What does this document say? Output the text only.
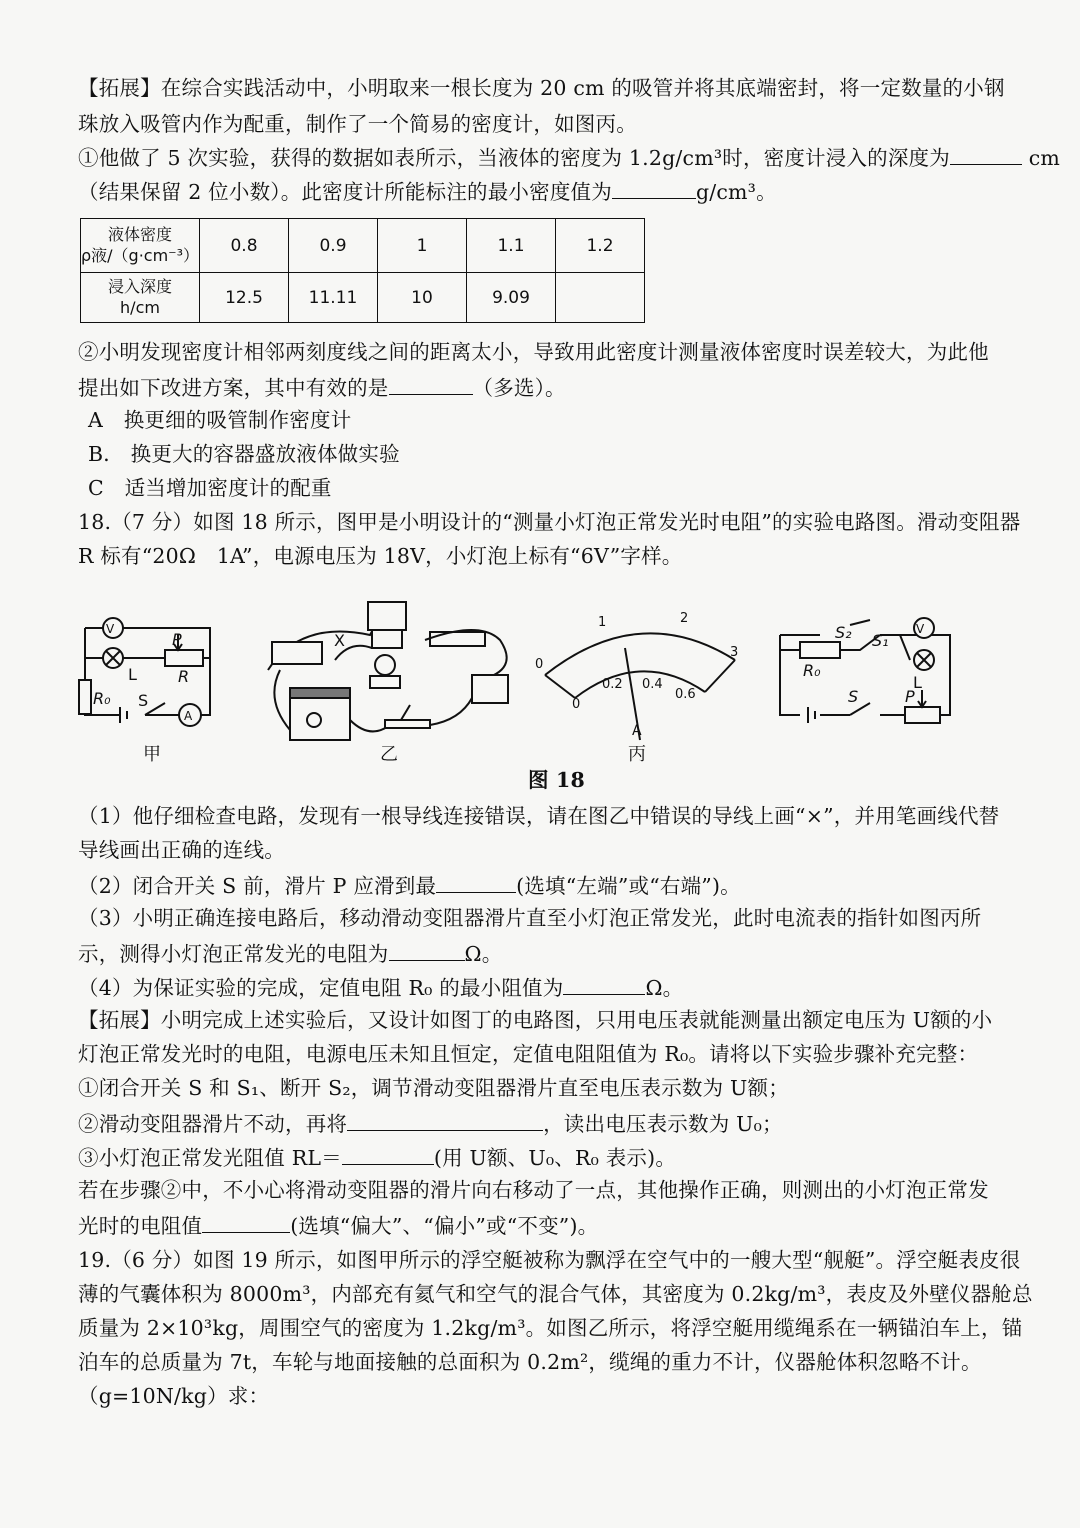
【拓展】在综合实践活动中，小明取来一根长度为 20 cm 的吸管并将其底端密封，将一定数量的小钢
珠放入吸管内作为配重，制作了一个简易的密度计，如图丙。
①他做了 5 次实验，获得的数据如表所示，当液体的密度为 1.2g/cm³时，密度计浸入的深度为	cm
（结果保留 2 位小数）。此密度计所能标注的最小密度值为	g/cm³。
液体密度
ρ液/（g·cm⁻³）	0.8	0.9	1	1.1	1.2

浸入深度
h/cm	12.5	11.11	10	9.09	
②小明发现密度计相邻两刻度线之间的距离太小，导致用此密度计测量液体密度时误差较大，为此他
提出如下改进方案，其中有效的是	（多选）。
A　换更细的吸管制作密度计
B． 换更大的容器盛放液体做实验
C　适当增加密度计的配重
18.（7 分）如图 18 所示，图甲是小明设计的“测量小灯泡正常发光时电阻”的实验电路图。滑动变阻器
R 标有“20Ω　1A”，电源电压为 18V，小灯泡上标有“6V”字样。
V
A
P
L	R
R₀ S
甲
X
乙
0
0
0.2 0.4
0.6
1	2
3
A
丙
V
S₂ S₁
L
R₀
S	P
图 18
（1）他仔细检查电路，发现有一根导线连接错误，请在图乙中错误的导线上画“×”，并用笔画线代替
导线画出正确的连线。
（2）闭合开关 S 前，滑片 P 应滑到最	(选填“左端”或“右端”)。
（3）小明正确连接电路后，移动滑动变阻器滑片直至小灯泡正常发光，此时电流表的指针如图丙所
示，测得小灯泡正常发光的电阻为	Ω。
（4）为保证实验的完成，定值电阻 R₀ 的最小阻值为	Ω。
【拓展】小明完成上述实验后，又设计如图丁的电路图，只用电压表就能测量出额定电压为 U额的小
灯泡正常发光时的电阻，电源电压未知且恒定，定值电阻阻值为 R₀。请将以下实验步骤补充完整：
①闭合开关 S 和 S₁、断开 S₂，调节滑动变阻器滑片直至电压表示数为 U额；
②滑动变阻器滑片不动，再将	，读出电压表示数为 U₀；
③小灯泡正常发光阻值 RL＝	(用 U额、U₀、R₀ 表示)。
若在步骤②中，不小心将滑动变阻器的滑片向右移动了一点，其他操作正确，则测出的小灯泡正常发
光时的电阻值	(选填“偏大”、“偏小”或“不变”)。
19.（6 分）如图 19 所示，如图甲所示的浮空艇被称为飘浮在空气中的一艘大型“舰艇”。浮空艇表皮很
薄的气囊体积为 8000m³，内部充有氦气和空气的混合气体，其密度为 0.2kg/m³，表皮及外壁仪器舱总
质量为 2×10³kg，周围空气的密度为 1.2kg/m³。如图乙所示，将浮空艇用缆绳系在一辆锚泊车上，锚
泊车的总质量为 7t，车轮与地面接触的总面积为 0.2m²，缆绳的重力不计，仪器舱体积忽略不计。
（g=10N/kg）求：
